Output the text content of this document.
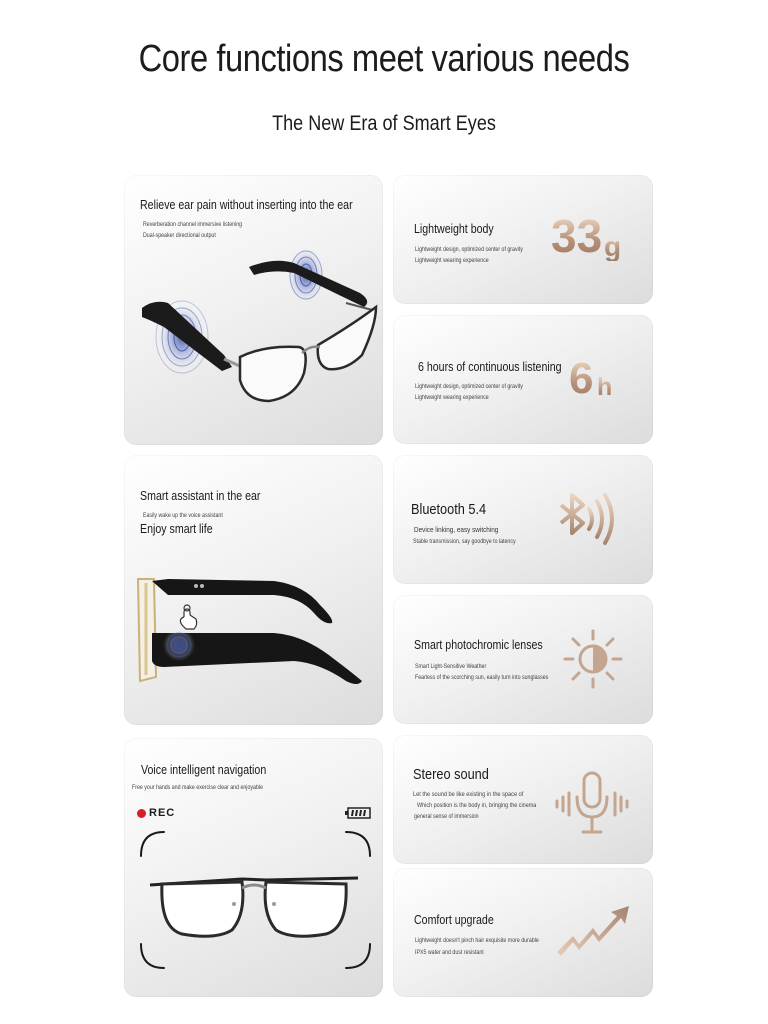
Core functions meet various needs
The New Era of Smart Eyes
Relieve ear pain without inserting into the ear
Reverberation channel immersive listening
Dual-speaker directional output	Lightweight body
Lightweight design, optimized center of gravity
Lightweight wearing experience 33 g
6 hours of continuous listening
Lightweight design, optimized center of gravity
Lightweight wearing experience 6 h
Smart assistant in the ear
Easily wake up the voice assistant
Enjoy smart life
Bluetooth 5.4
Device linking, easy switching
Stable transmission, say goodbye to latency
Smart photochromic lenses
Smart Light-Sensitive Weather
Fearless of the scorching sun, easily turn into sunglasses
Voice intelligent navigation
Free your hands and make exercise clear and enjoyable
REC
Stereo sound
Let the sound be like existing in the space of
Which position is the body in, bringing the cinema
general sense of immersion
Comfort upgrade
Lightweight doesn't pinch hair exquisite more durable
IPX5 water and dust resistant
